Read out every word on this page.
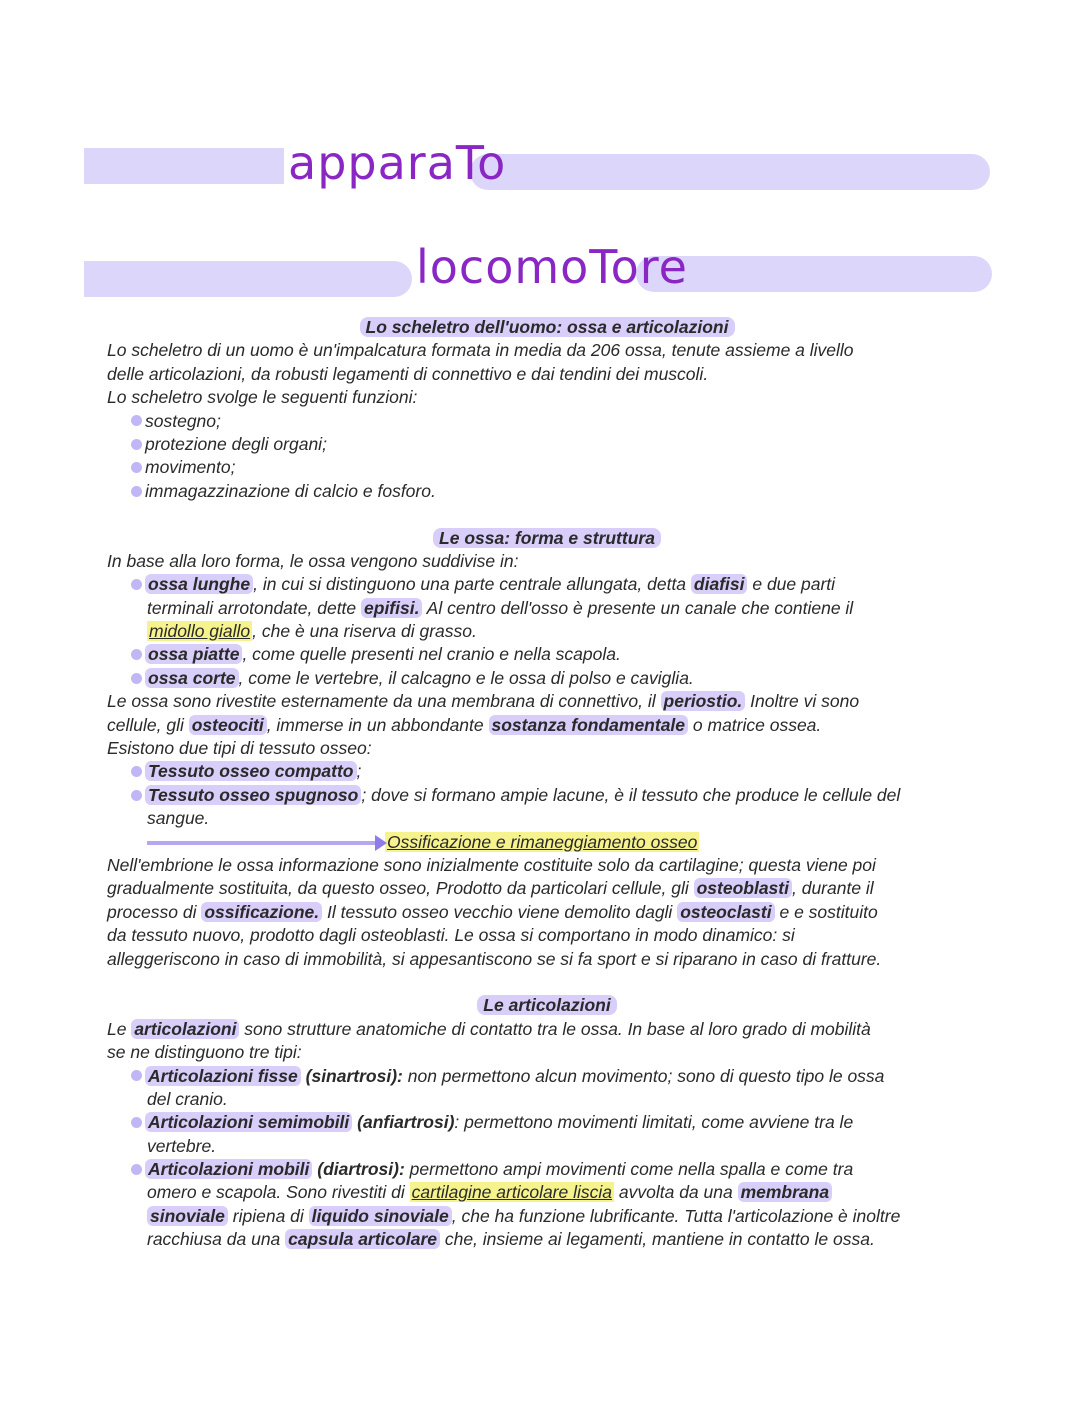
apparaTo
locomoTore
Lo scheletro dell'uomo: ossa e articolazioni
Lo scheletro di un uomo è un'impalcatura formata in media da 206 ossa, tenute assieme a livello
delle articolazioni, da robusti legamenti di connettivo e dai tendini dei muscoli.
Lo scheletro svolge le seguenti funzioni:
sostegno;
protezione degli organi;
movimento;
immagazzinazione di calcio e fosforo.
Le ossa: forma e struttura
In base alla loro forma, le ossa vengono suddivise in:
ossa lunghe , in cui si distinguono una parte centrale allungata, detta diafisi e due parti
terminali arrotondate, dette epifisi. Al centro dell'osso è presente un canale che contiene il
midollo giallo , che è una riserva di grasso.
ossa piatte , come quelle presenti nel cranio e nella scapola.
ossa corte , come le vertebre, il calcagno e le ossa di polso e caviglia.
Le ossa sono rivestite esternamente da una membrana di connettivo, il periostio. Inoltre vi sono
cellule, gli osteociti , immerse in un abbondante sostanza fondamentale o matrice ossea.
Esistono due tipi di tessuto osseo:
Tessuto osseo compatto ;
Tessuto osseo spugnoso ; dove si formano ampie lacune, è il tessuto che produce le cellule del
sangue.
Ossificazione e rimaneggiamento osseo
Nell'embrione le ossa informazione sono inizialmente costituite solo da cartilagine; questa viene poi
gradualmente sostituita, da questo osseo, Prodotto da particolari cellule, gli osteoblasti , durante il
processo di ossificazione. Il tessuto osseo vecchio viene demolito dagli osteoclasti e e sostituito
da tessuto nuovo, prodotto dagli osteoblasti. Le ossa si comportano in modo dinamico: si
alleggeriscono in caso di immobilità, si appesantiscono se si fa sport e si riparano in caso di fratture.
Le articolazioni
Le articolazioni sono strutture anatomiche di contatto tra le ossa. In base al loro grado di mobilità
se ne distinguono tre tipi:
Articolazioni fisse (sinartrosi): non permettono alcun movimento; sono di questo tipo le ossa
del cranio.
Articolazioni semimobili (anfiartrosi): permettono movimenti limitati, come avviene tra le
vertebre.
Articolazioni mobili (diartrosi): permettono ampi movimenti come nella spalla e come tra
omero e scapola. Sono rivestiti di cartilagine articolare liscia avvolta da una membrana
sinoviale ripiena di liquido sinoviale , che ha funzione lubrificante. Tutta l'articolazione è inoltre
racchiusa da una capsula articolare che, insieme ai legamenti, mantiene in contatto le ossa.
